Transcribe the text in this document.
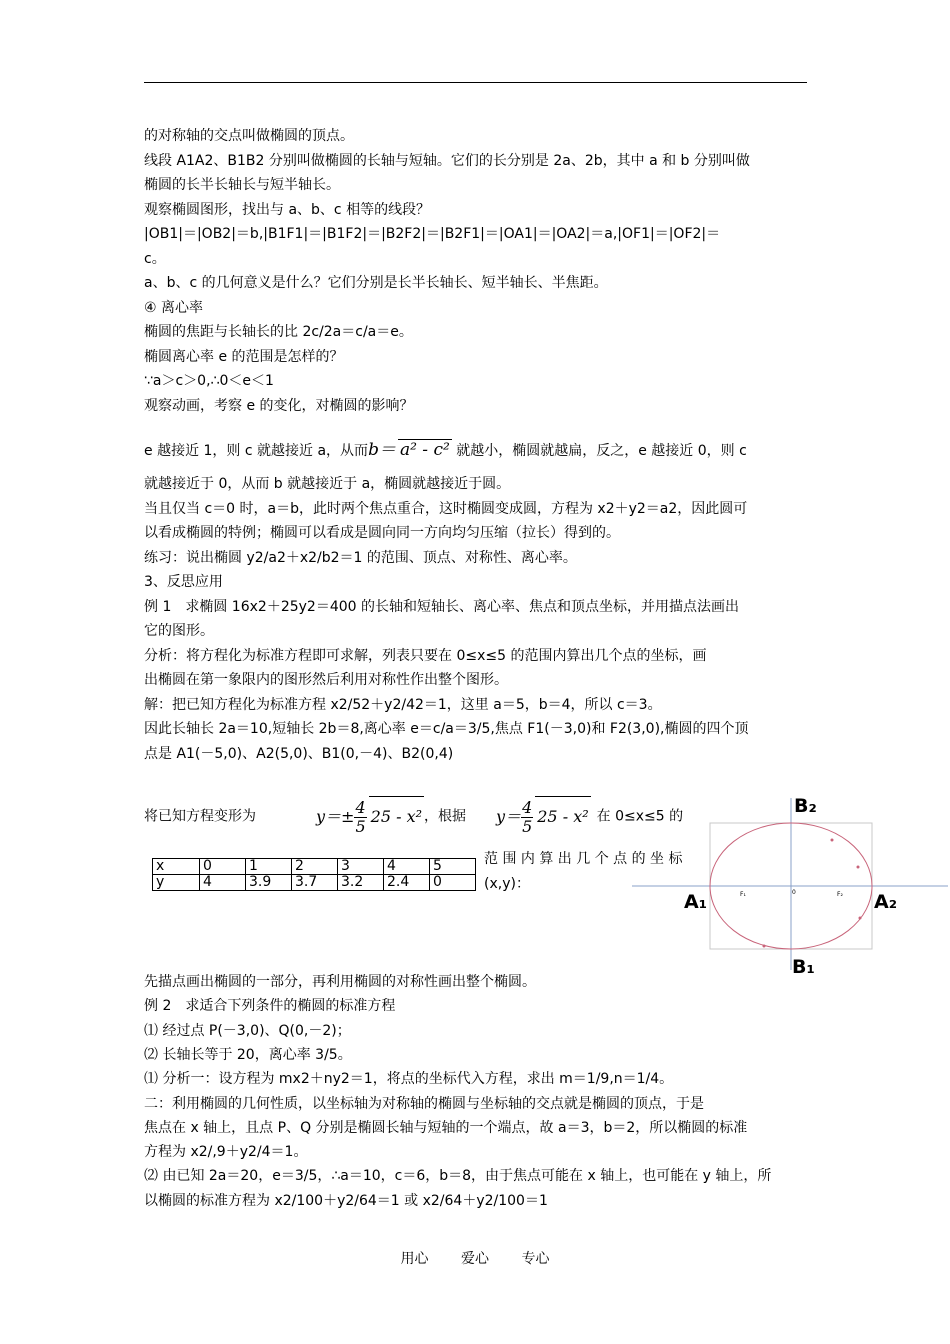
的对称轴的交点叫做椭圆的顶点。
线段 A1A2、B1B2 分别叫做椭圆的长轴与短轴。它们的长分别是 2a、2b，其中 a 和 b 分别叫做
椭圆的长半长轴长与短半轴长。
观察椭圆图形，找出与 a、b、c 相等的线段？
|OB1|＝|OB2|＝b,|B1F1|＝|B1F2|＝|B2F2|＝|B2F1|＝|OA1|＝|OA2|＝a,|OF1|＝|OF2|＝
c。
a、b、c 的几何意义是什么？它们分别是长半长轴长、短半轴长、半焦距。
④ 离心率
椭圆的焦距与长轴长的比 2c/2a＝c/a＝e。
椭圆离心率 e 的范围是怎样的？
∵a＞c＞0,∴0＜e＜1
观察动画，考察 e 的变化，对椭圆的影响？
e 越接近 1，则 c 就越接近 a，从而b＝ a² - c² 就越小，椭圆就越扁，反之，e 越接近 0，则 c
就越接近于 0，从而 b 就越接近于 a，椭圆就越接近于圆。
当且仅当 c＝0 时，a＝b，此时两个焦点重合，这时椭圆变成圆，方程为 x2＋y2＝a2，因此圆可
以看成椭圆的特例；椭圆可以看成是圆向同一方向均匀压缩（拉长）得到的。
练习：说出椭圆 y2/a2＋x2/b2＝1 的范围、顶点、对称性、离心率。
3、反思应用
例 1　求椭圆 16x2＋25y2＝400 的长轴和短轴长、离心率、焦点和顶点坐标，并用描点法画出
它的图形。
分析：将方程化为标准方程即可求解，列表只要在 0≤x≤5 的范围内算出几个点的坐标，画
出椭圆在第一象限内的图形然后利用对称性作出整个图形。
解：把已知方程化为标准方程 x2/52＋y2/42＝1，这里 a＝5，b＝4，所以 c＝3。
因此长轴长 2a＝10,短轴长 2b＝8,离心率 e＝c/a＝3/5,焦点 F1(－3,0)和 F2(3,0),椭圆的四个顶
点是 A1(－5,0)、A2(5,0)、B1(0,－4)、B2(0,4)
将已知方程变形为	$y=\pm \frac{4}{5} 25 - x^2$ ，根据 $y= \frac{4}{5} 25 - x^2$ 在 0≤x≤5 的
范 围 内 算 出 几 个 点 的 坐 标
(x,y)：
x	0	1	2	3	4	5
y	4	3.9	3.7	3.2	2.4	0
0
F₁	F₂
B₂
B₁
A₁	A₂
先描点画出椭圆的一部分，再利用椭圆的对称性画出整个椭圆。
例 2　求适合下列条件的椭圆的标准方程
⑴ 经过点 P(－3,0)、Q(0,－2)；
⑵ 长轴长等于 20，离心率 3/5。
⑴ 分析一：设方程为 mx2＋ny2＝1，将点的坐标代入方程，求出 m＝1/9,n＝1/4。
二：利用椭圆的几何性质，以坐标轴为对称轴的椭圆与坐标轴的交点就是椭圆的顶点，于是
焦点在 x 轴上，且点 P、Q 分别是椭圆长轴与短轴的一个端点，故 a＝3，b＝2，所以椭圆的标准
方程为 x2/,9＋y2/4＝1。
⑵ 由已知 2a＝20，e＝3/5，∴a＝10，c＝6，b＝8，由于焦点可能在 x 轴上，也可能在 y 轴上，所
以椭圆的标准方程为 x2/100＋y2/64＝1 或 x2/64＋y2/100＝1
用心 爱心 专心
